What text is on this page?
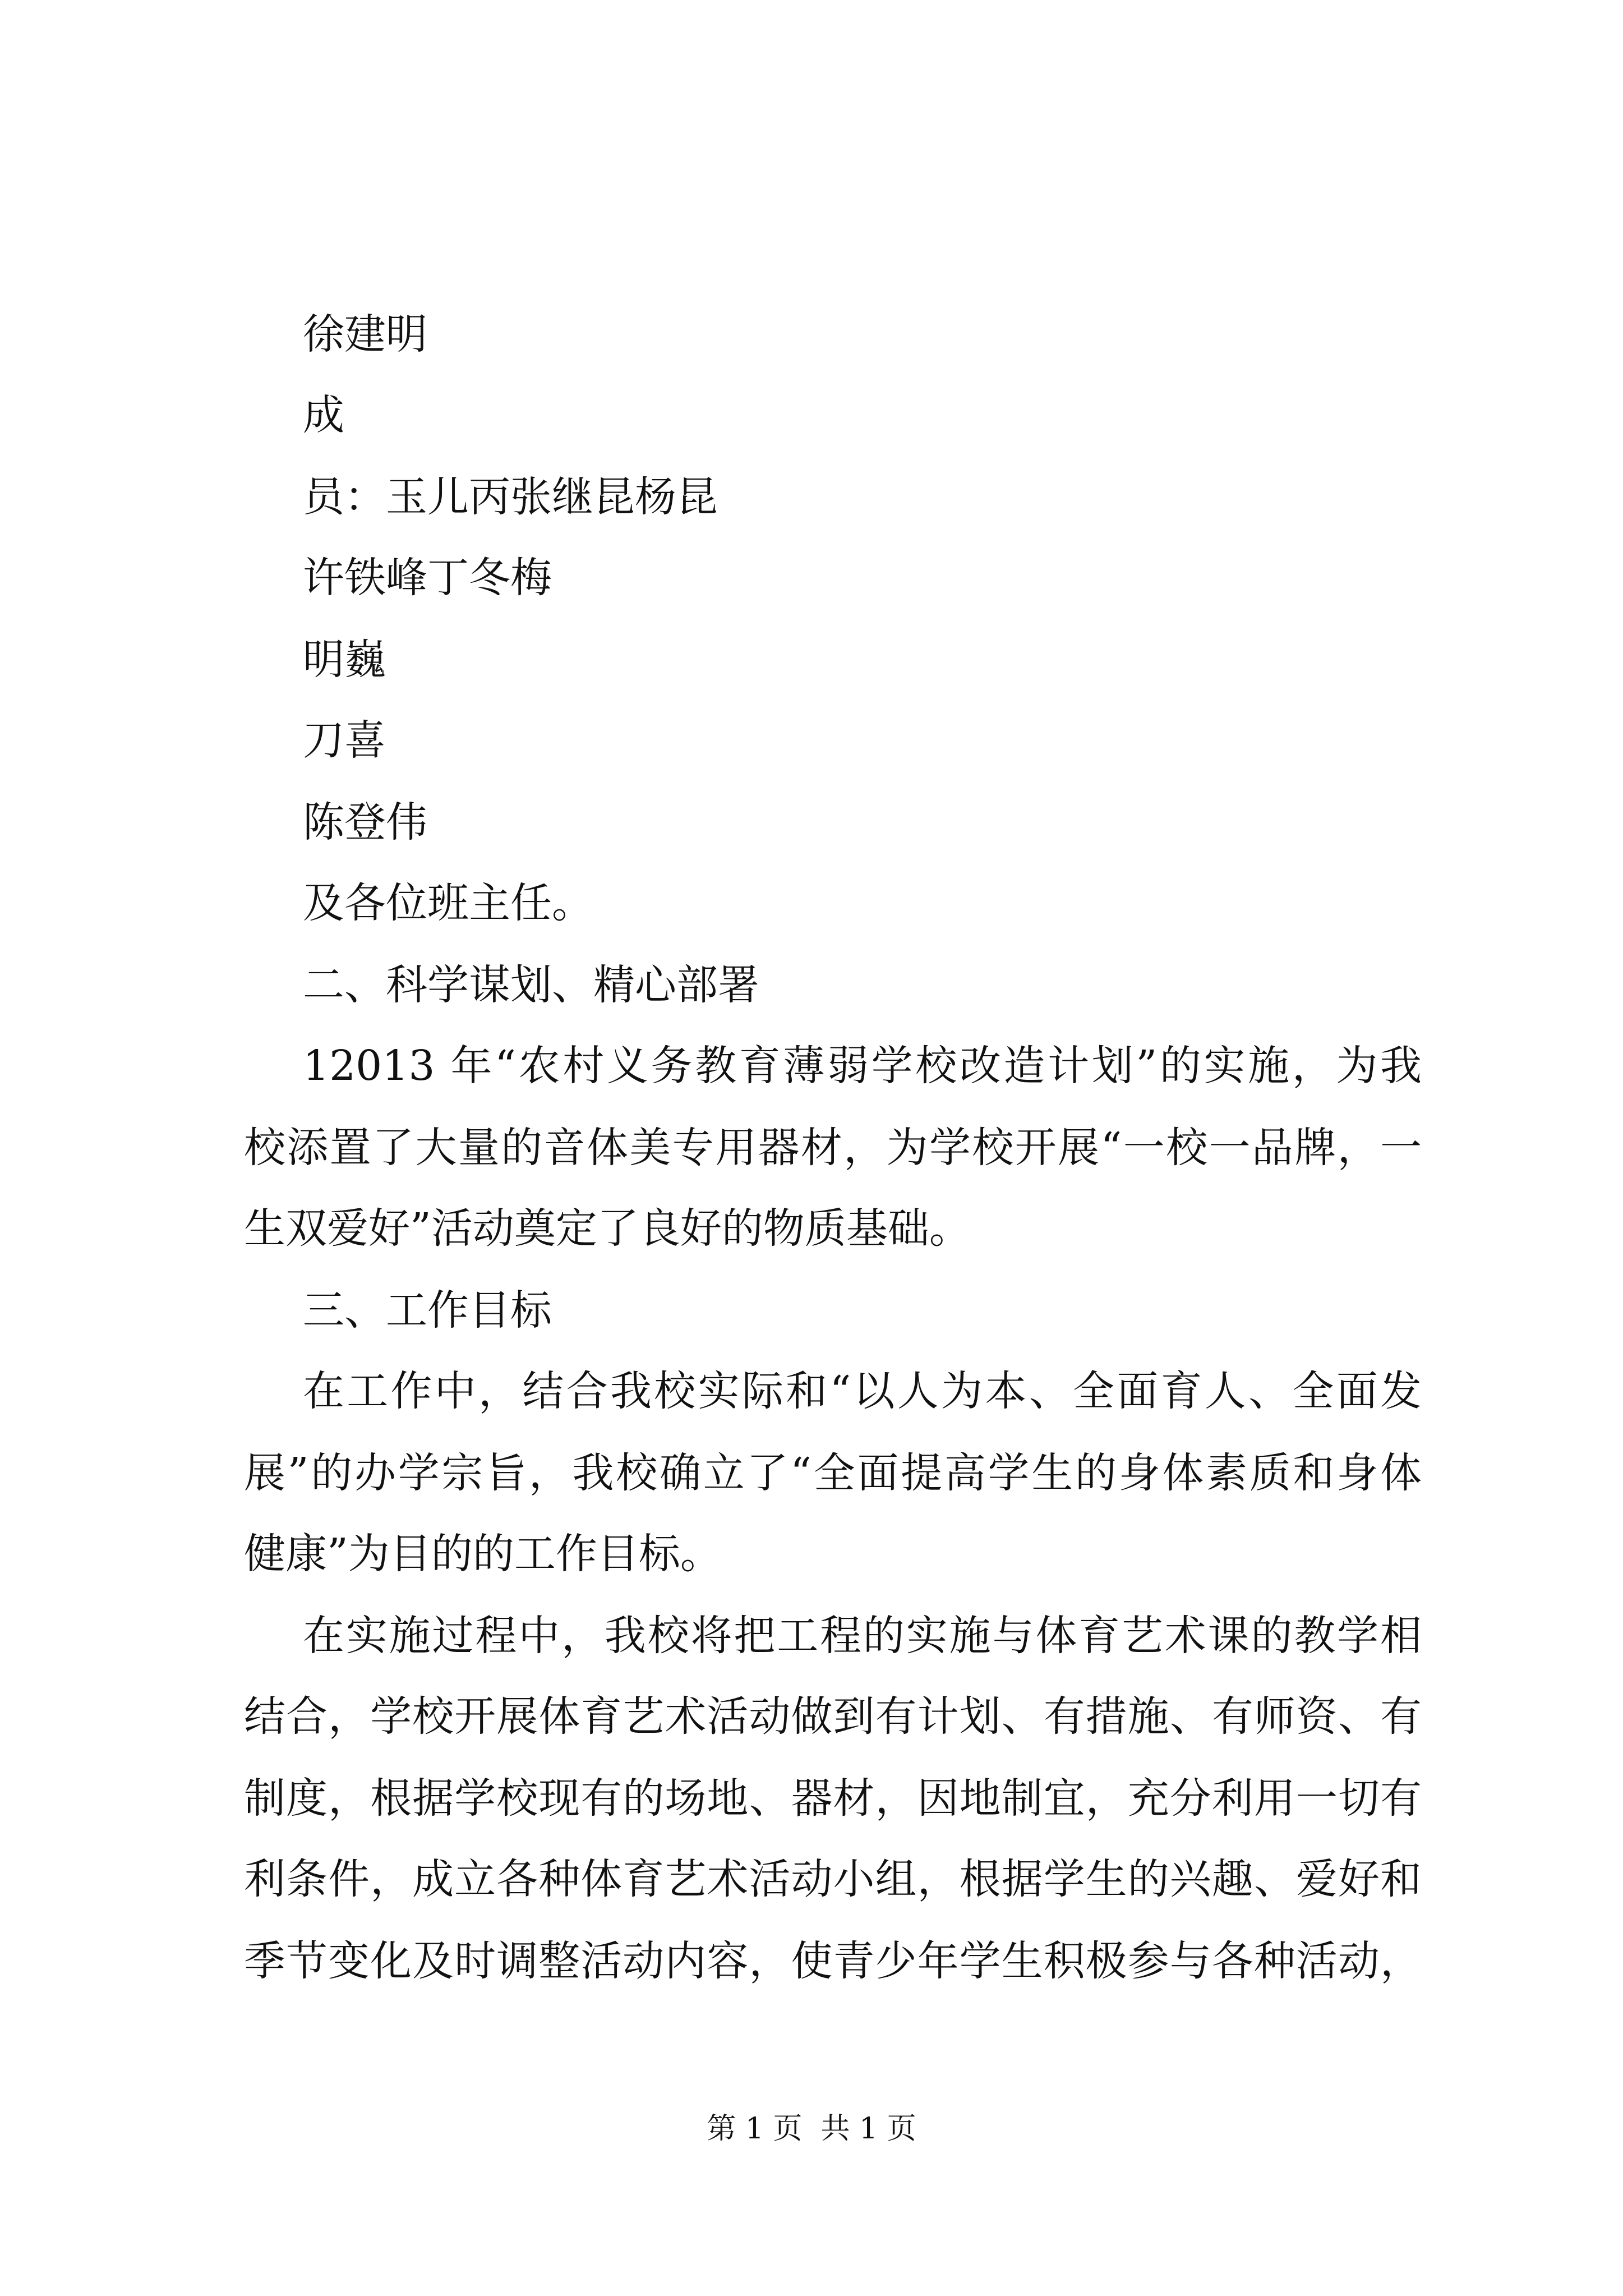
徐建明
成
员：玉儿丙张继昆杨昆
许铁峰丁冬梅
明巍
刀喜
陈登伟
及各位班主任。
二、科学谋划、精心部署
12013 年“农村义务教育薄弱学校改造计划”的实施，为我
校添置了大量的音体美专用器材，为学校开展“一校一品牌，一
生双爱好”活动奠定了良好的物质基础。
三、工作目标
在工作中，结合我校实际和“以人为本、全面育人、全面发
展”的办学宗旨，我校确立了“全面提高学生的身体素质和身体
健康”为目的的工作目标。
在实施过程中，我校将把工程的实施与体育艺术课的教学相
结合，学校开展体育艺术活动做到有计划、有措施、有师资、有
制度，根据学校现有的场地、器材，因地制宜，充分利用一切有
利条件，成立各种体育艺术活动小组，根据学生的兴趣、爱好和
季节变化及时调整活动内容，使青少年学生积极参与各种活动，
第 1 页  共 1 页
